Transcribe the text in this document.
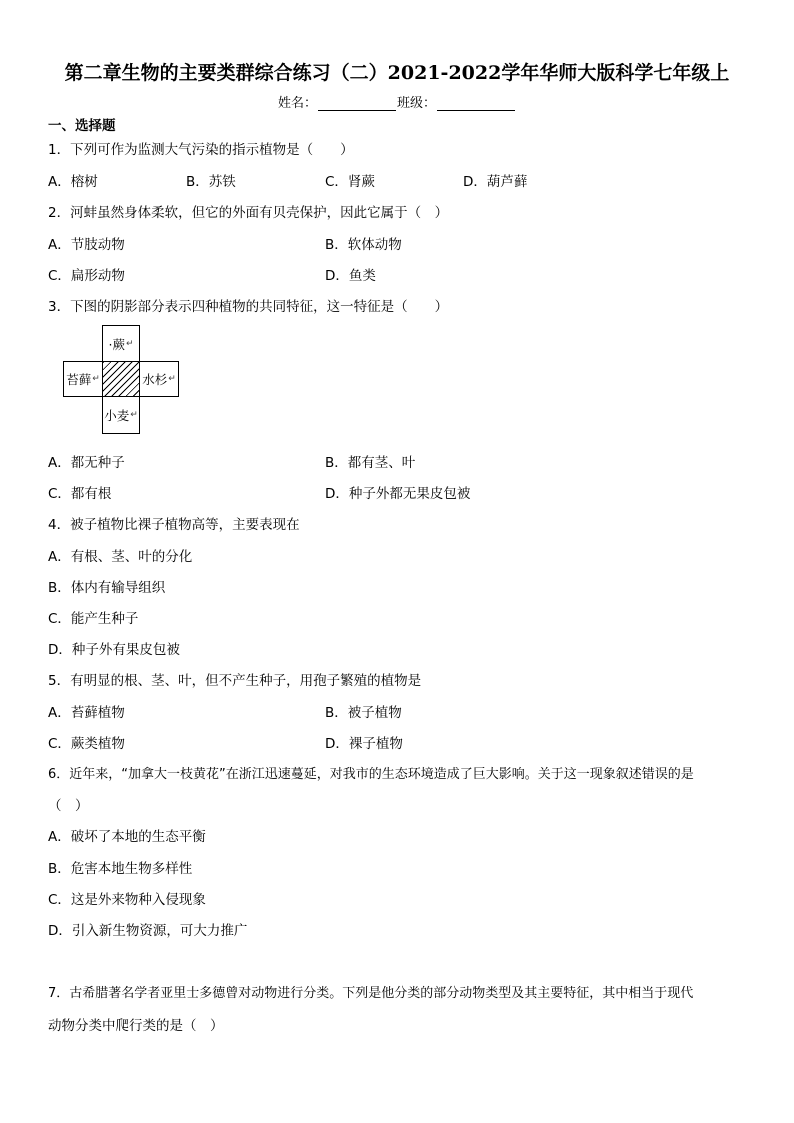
第二章生物的主要类群综合练习（二）2021-2022学年华师大版科学七年级上
姓名：	班级：
一、选择题
1．下列可作为监测大气污染的指示植物是（　　）
A．榕树	B．苏铁	C．肾蕨	D．葫芦藓
2．河蚌虽然身体柔软，但它的外面有贝壳保护，因此它属于（　）
A．节肢动物	B．软体动物
C．扁形动物	D．鱼类
3．下图的阴影部分表示四种植物的共同特征，这一特征是（　　）
·蕨 ↵
苔藓 ↵	水杉 ↵
小麦 ↵
A．都无种子	B．都有茎、叶
C．都有根	D．种子外都无果皮包被
4．被子植物比裸子植物高等，主要表现在
A．有根、茎、叶的分化
B．体内有输导组织
C．能产生种子
D．种子外有果皮包被
5．有明显的根、茎、叶，但不产生种子，用孢子繁殖的植物是
A．苔藓植物	B．被子植物
C．蕨类植物	D．裸子植物
6．近年来，“加拿大一枝黄花”在浙江迅速蔓延，对我市的生态环境造成了巨大影响。关于这一现象叙述错误的是
（　）
A．破坏了本地的生态平衡
B．危害本地生物多样性
C．这是外来物种入侵现象
D．引入新生物资源，可大力推广
7．古希腊著名学者亚里士多德曾对动物进行分类。下列是他分类的部分动物类型及其主要特征，其中相当于现代
动物分类中爬行类的是（　）
